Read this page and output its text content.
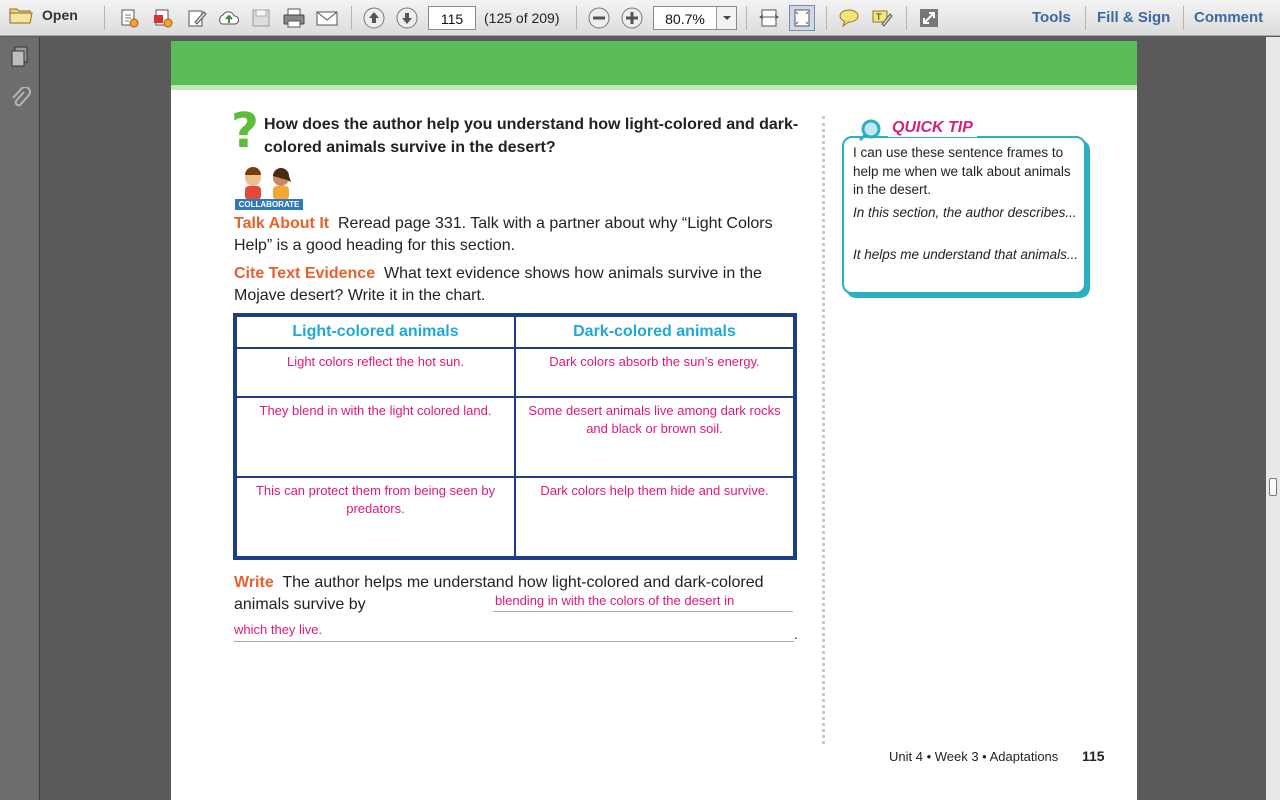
Open	115	(125 of 209)	80.7%	T	Tools Fill & Sign Comment
? How does the author help you understand how light-colored and dark-colored animals survive in the desert?
COLLABORATE
Talk About It Reread page 331. Talk with a partner about why “Light Colors Help” is a good heading for this section.
Cite Text Evidence What text evidence shows how animals survive in the Mojave desert? Write it in the chart.
Light-colored animals	Dark-colored animals
Light colors reflect the hot sun.	Dark colors absorb the sun’s energy.
They blend in with the light colored land.	Some desert animals live among dark rocks and black or brown soil.
This can protect them from being seen by predators.	Dark colors help them hide and survive.
Write The author helps me understand how light-colored and dark-colored animals survive by	blending in with the colors of the desert in
which they live.	.
QUICK TIP
I can use these sentence frames to help me when we talk about animals in the desert.
In this section, the author describes...
It helps me understand that animals...
Unit 4 • Week 3 • Adaptations 115
